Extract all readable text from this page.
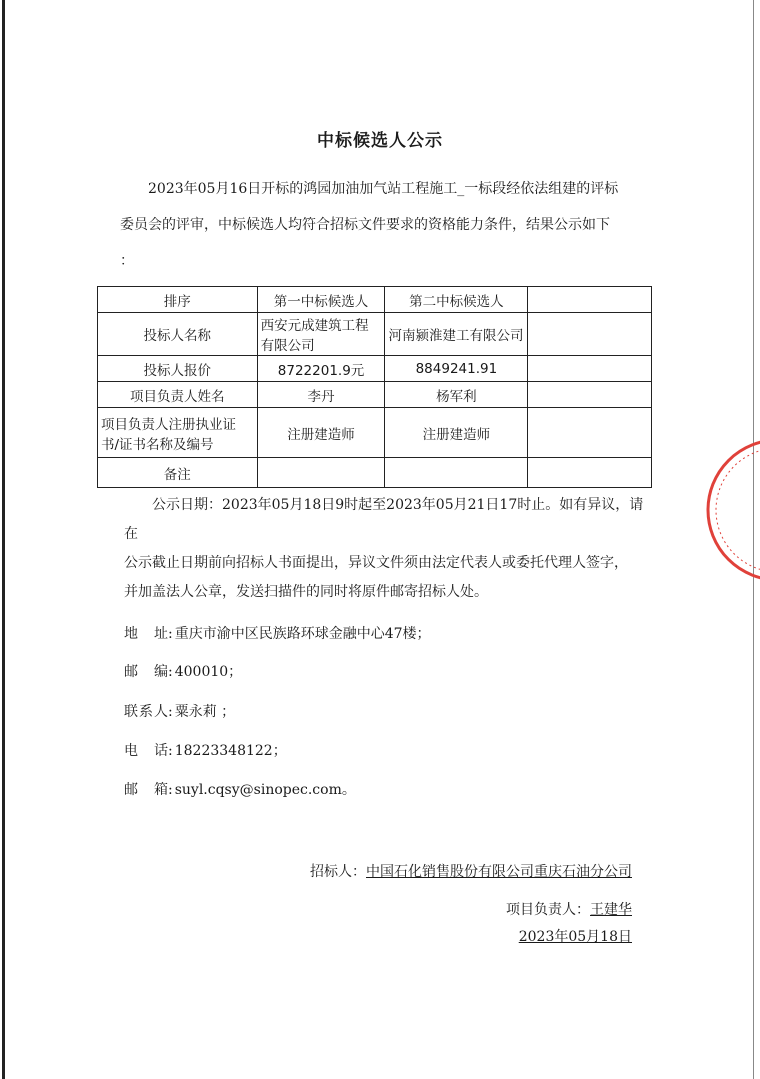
中标候选人公示

2023年05月16日开标的鸿园加油加气站工程施工_一标段经依法组建的评标

委员会的评审，中标候选人均符合招标文件要求的资格能力条件，结果公示如下

：

排序	第一中标候选人	第二中标候选人	
投标人名称	西安元成建筑工程有限公司	河南颍淮建工有限公司	
投标人报价	8722201.9元	8849241.91	
项目负责人姓名	李丹	杨军利	
项目负责人注册执业证书/证书名称及编号	注册建造师	注册建造师	
备注			

公示日期：2023年05月18日9时起至2023年05月21日17时止。如有异议，请在

公示截止日期前向招标人书面提出，异议文件须由法定代表人或委托代理人签字，

并加盖法人公章，发送扫描件的同时将原件邮寄招标人处。

地 址: 重庆市渝中区民族路环球金融中心47楼；
邮 编: 400010；
联系人: 粟永莉 ；
电 话: 18223348122；
邮 箱: suyl.cqsy@sinopec.com。
招标人：中国石化销售股份有限公司重庆石油分公司
项目负责人：王建华
2023年05月18日
